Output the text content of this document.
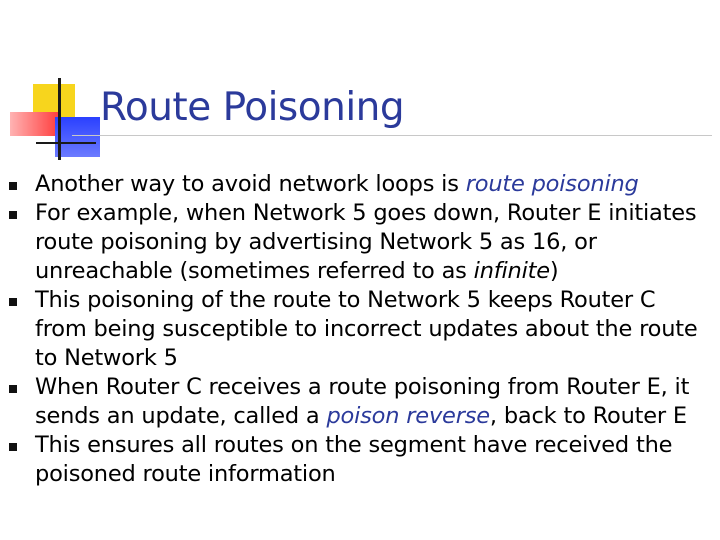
Route Poisoning
Another way to avoid network loops is route poisoning
For example, when Network 5 goes down, Router E initiates route poisoning by advertising Network 5 as 16, or unreachable (sometimes referred to as infinite)
This poisoning of the route to Network 5 keeps Router C from being susceptible to incorrect updates about the route to Network 5
When Router C receives a route poisoning from Router E, it sends an update, called a poison reverse, back to Router E
This ensures all routes on the segment have received the poisoned route information
